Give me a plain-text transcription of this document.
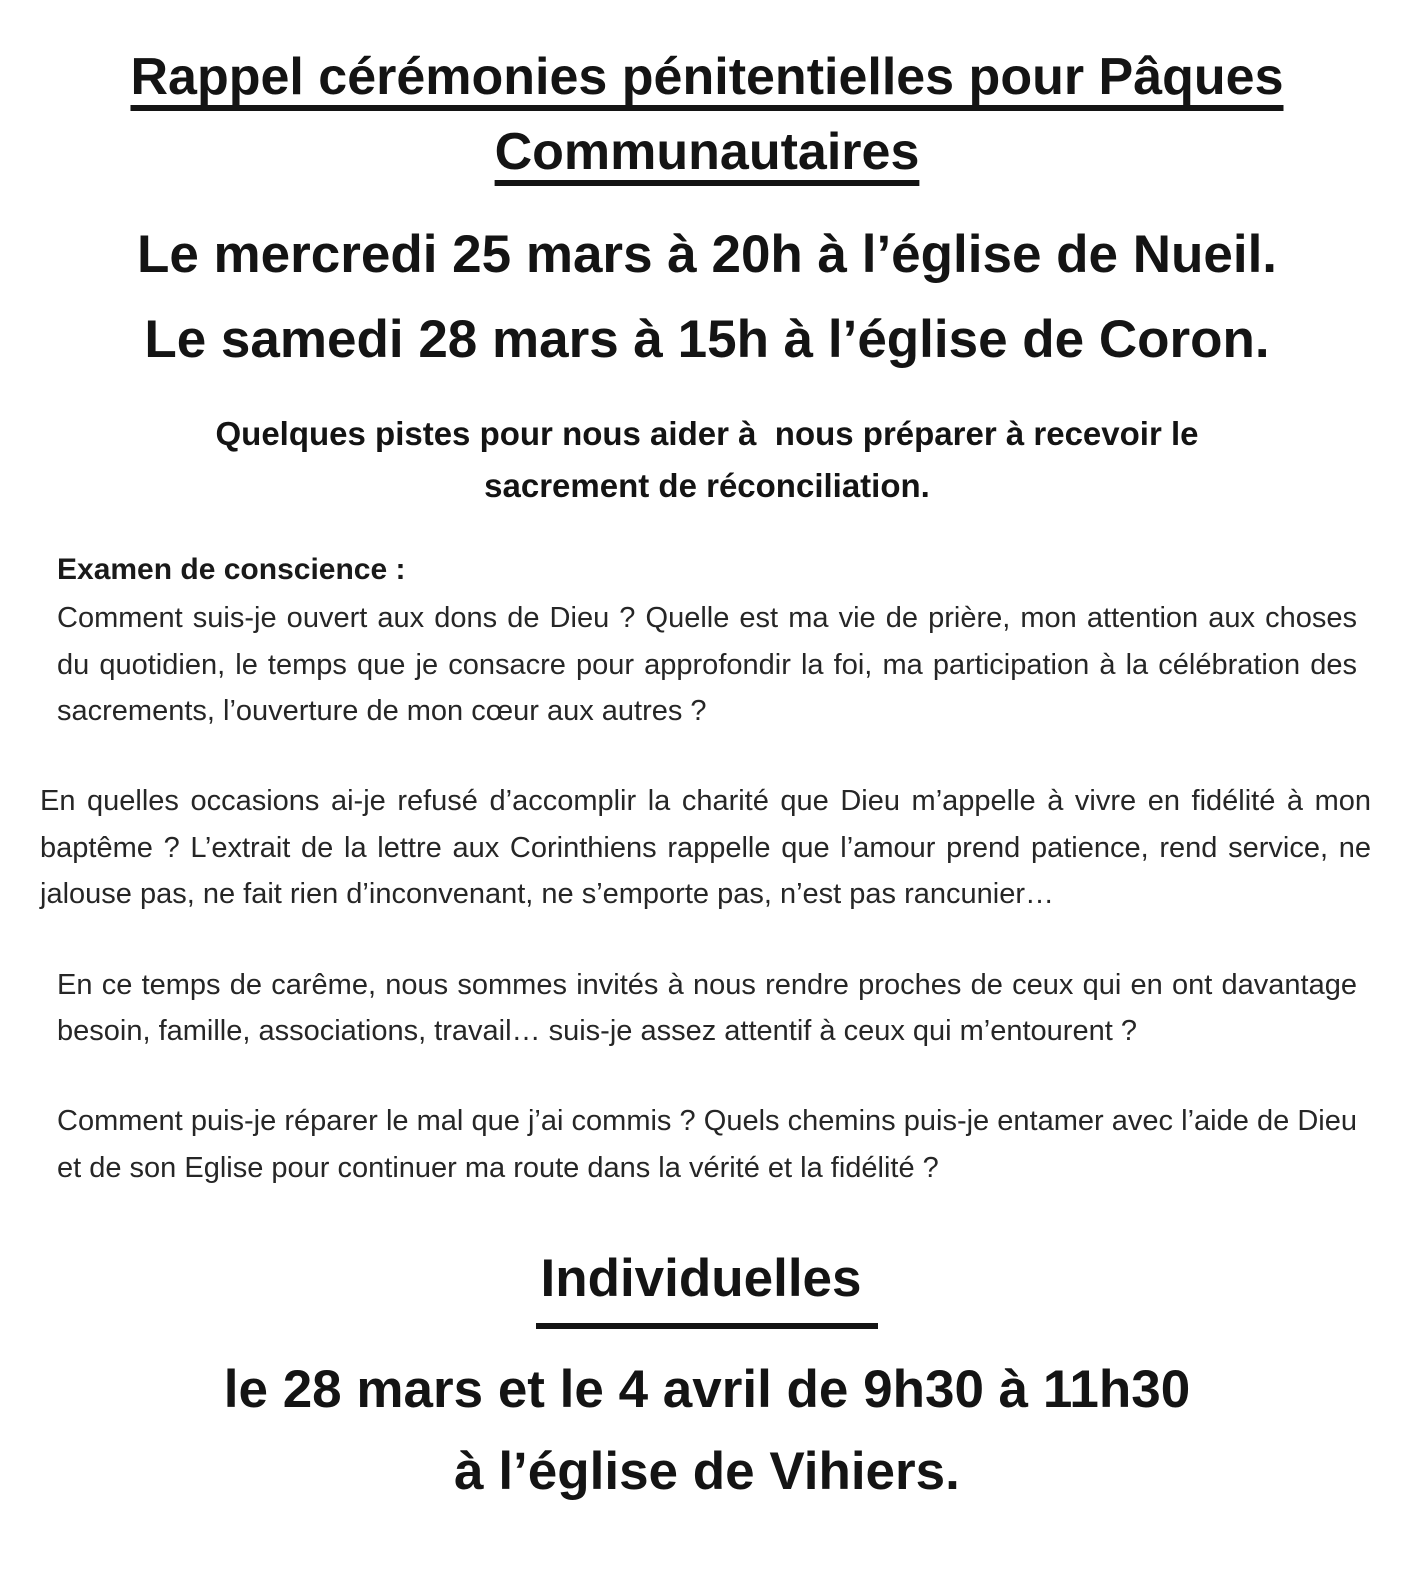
Rappel cérémonies pénitentielles pour Pâques Communautaires

Le mercredi 25 mars à 20h à l’église de Nueil.

Le samedi 28 mars à 15h à l’église de Coron.

Quelques pistes pour nous aider à  nous préparer à recevoir le sacrement de réconciliation.

Examen de conscience :

Comment suis-je ouvert aux dons de Dieu ? Quelle est ma vie de prière, mon attention aux choses du quotidien, le temps que je consacre pour approfondir la foi, ma participation à la célébration des sacrements, l’ouverture de mon cœur aux autres ?

En quelles occasions ai-je refusé d’accomplir la charité que Dieu m’appelle à vivre en fidélité à mon baptême ? L’extrait de la lettre aux Corinthiens rappelle que l’amour prend patience, rend service, ne jalouse pas, ne fait rien d’inconvenant, ne s’emporte pas, n’est pas rancunier…

En ce temps de carême, nous sommes invités à nous rendre proches de ceux qui en ont davantage besoin, famille, associations, travail… suis-je assez attentif à ceux qui m’entourent ?

Comment puis-je réparer le mal que j’ai commis ? Quels chemins puis-je entamer avec l’aide de Dieu et de son Eglise pour continuer ma route dans la vérité et la fidélité ?

Individuelles

le 28 mars et le 4 avril de 9h30 à 11h30

à l’église de Vihiers.
